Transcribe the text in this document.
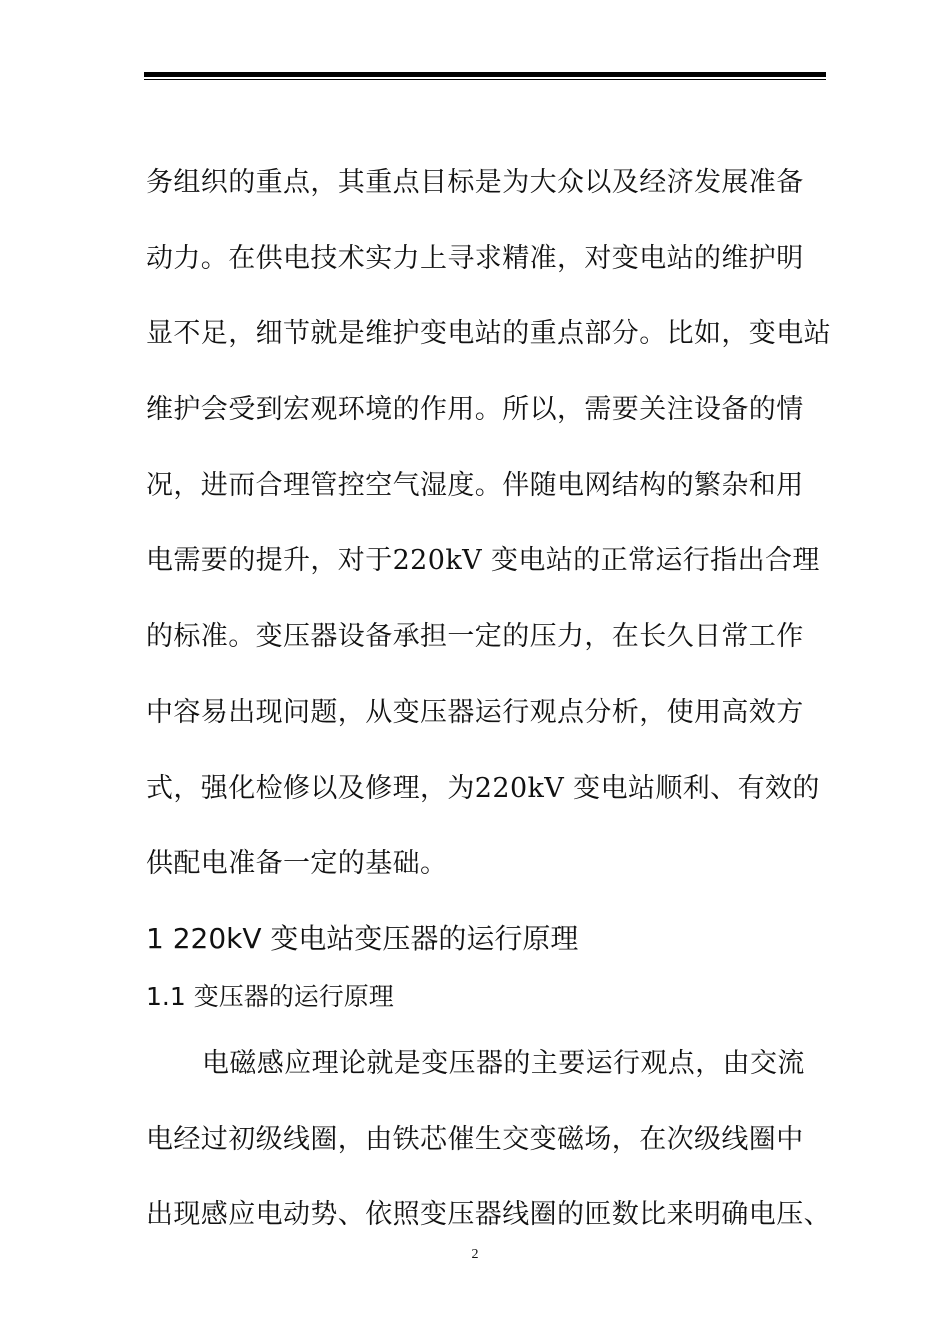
务组织的重点，其重点目标是为大众以及经济发展准备
动力。在供电技术实力上寻求精准，对变电站的维护明
显不足，细节就是维护变电站的重点部分。比如，变电站
维护会受到宏观环境的作用。所以，需要关注设备的情
况，进而合理管控空气湿度。伴随电网结构的繁杂和用
电需要的提升，对于220kV 变电站的正常运行指出合理
的标准。变压器设备承担一定的压力，在长久日常工作
中容易出现问题，从变压器运行观点分析，使用高效方
式，强化检修以及修理，为220kV 变电站顺利、有效的
供配电准备一定的基础。
1 220kV 变电站变压器的运行原理
1.1 变压器的运行原理
电磁感应理论就是变压器的主要运行观点，由交流
电经过初级线圈，由铁芯催生交变磁场，在次级线圈中
出现感应电动势、依照变压器线圈的匝数比来明确电压、
2
